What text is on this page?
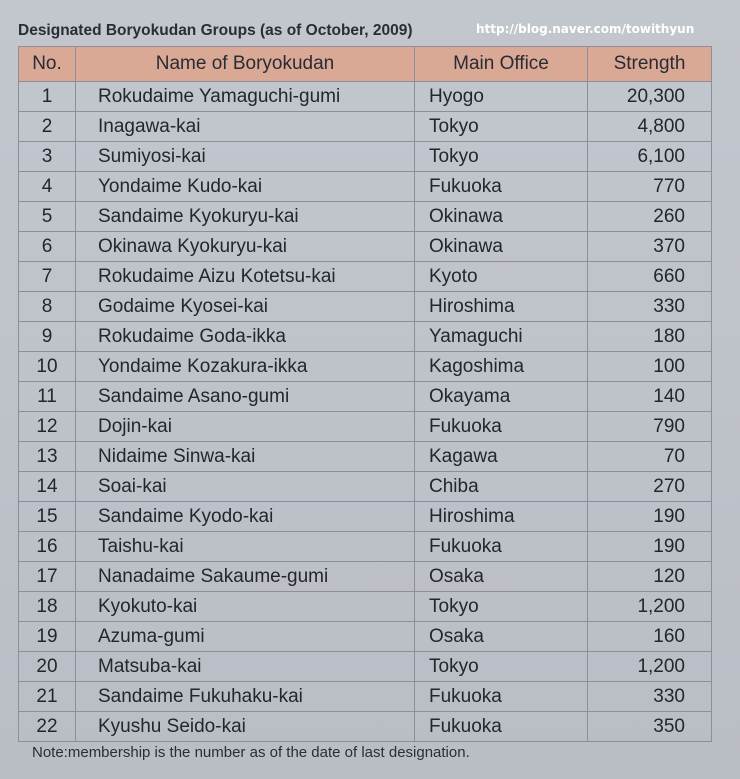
Designated Boryokudan Groups (as of October, 2009)	http://blog.naver.com/towithyun
No.	Name of Boryokudan	Main Office	Strength
1	Rokudaime Yamaguchi-gumi	Hyogo	20,300
2	Inagawa-kai	Tokyo	4,800
3	Sumiyosi-kai	Tokyo	6,100
4	Yondaime Kudo-kai	Fukuoka	770
5	Sandaime Kyokuryu-kai	Okinawa	260
6	Okinawa Kyokuryu-kai	Okinawa	370
7	Rokudaime Aizu Kotetsu-kai	Kyoto	660
8	Godaime Kyosei-kai	Hiroshima	330
9	Rokudaime Goda-ikka	Yamaguchi	180
10	Yondaime Kozakura-ikka	Kagoshima	100
11	Sandaime Asano-gumi	Okayama	140
12	Dojin-kai	Fukuoka	790
13	Nidaime Sinwa-kai	Kagawa	70
14	Soai-kai	Chiba	270
15	Sandaime Kyodo-kai	Hiroshima	190
16	Taishu-kai	Fukuoka	190
17	Nanadaime Sakaume-gumi	Osaka	120
18	Kyokuto-kai	Tokyo	1,200
19	Azuma-gumi	Osaka	160
20	Matsuba-kai	Tokyo	1,200
21	Sandaime Fukuhaku-kai	Fukuoka	330
22	Kyushu Seido-kai	Fukuoka	350
Note:membership is the number as of the date of last designation.
